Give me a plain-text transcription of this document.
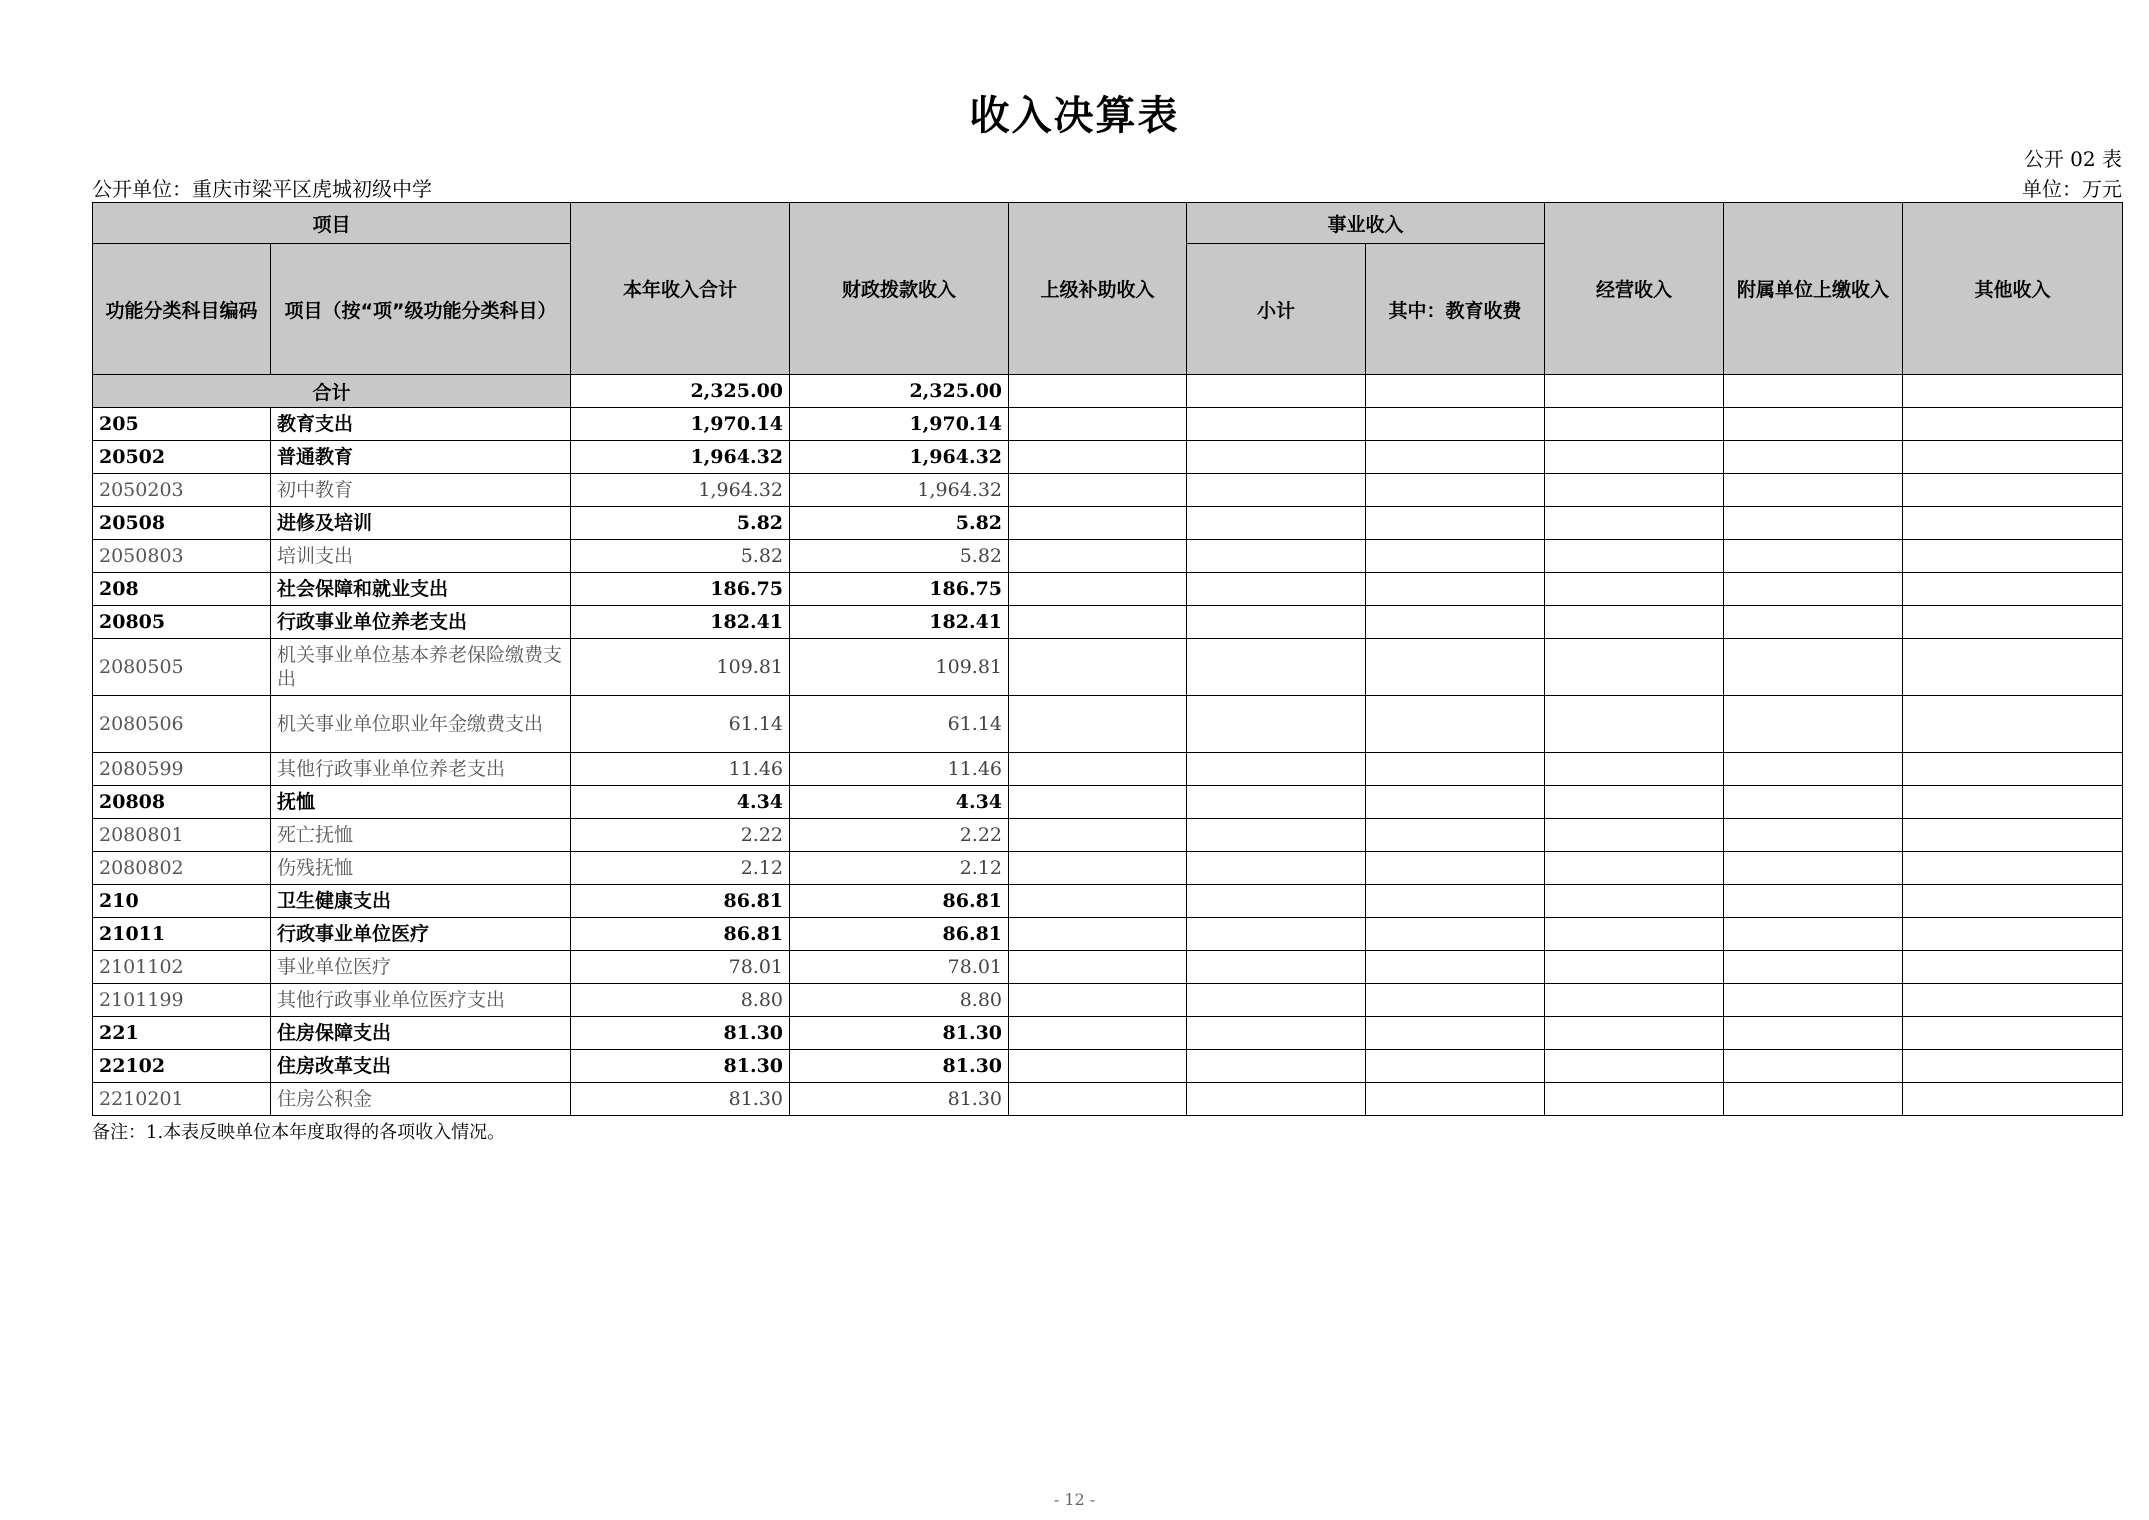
收入决算表
公开 02 表
公开单位：重庆市梁平区虎城初级中学	单位：万元
项目		本年收入合计	财政拨款收入	上级补助收入	事业收入		经营收入	附属单位上缴收入	其他收入
功能分类科目编码	项目（按“项”级功能分类科目）				小计	其中：教育收费			
合计		2,325.00	2,325.00						
205	教育支出	1,970.14	1,970.14						
20502	普通教育	1,964.32	1,964.32						
2050203	初中教育	1,964.32	1,964.32						
20508	进修及培训	5.82	5.82						
2050803	培训支出	5.82	5.82						
208	社会保障和就业支出	186.75	186.75						
20805	行政事业单位养老支出	182.41	182.41						
2080505	机关事业单位基本养老保险缴费支出	109.81	109.81						
2080506	机关事业单位职业年金缴费支出	61.14	61.14						
2080599	其他行政事业单位养老支出	11.46	11.46						
20808	抚恤	4.34	4.34						
2080801	死亡抚恤	2.22	2.22						
2080802	伤残抚恤	2.12	2.12						
210	卫生健康支出	86.81	86.81						
21011	行政事业单位医疗	86.81	86.81						
2101102	事业单位医疗	78.01	78.01						
2101199	其他行政事业单位医疗支出	8.80	8.80						
221	住房保障支出	81.30	81.30						
22102	住房改革支出	81.30	81.30						
2210201	住房公积金	81.30	81.30						
备注：1.本表反映单位本年度取得的各项收入情况。
- 12 -
